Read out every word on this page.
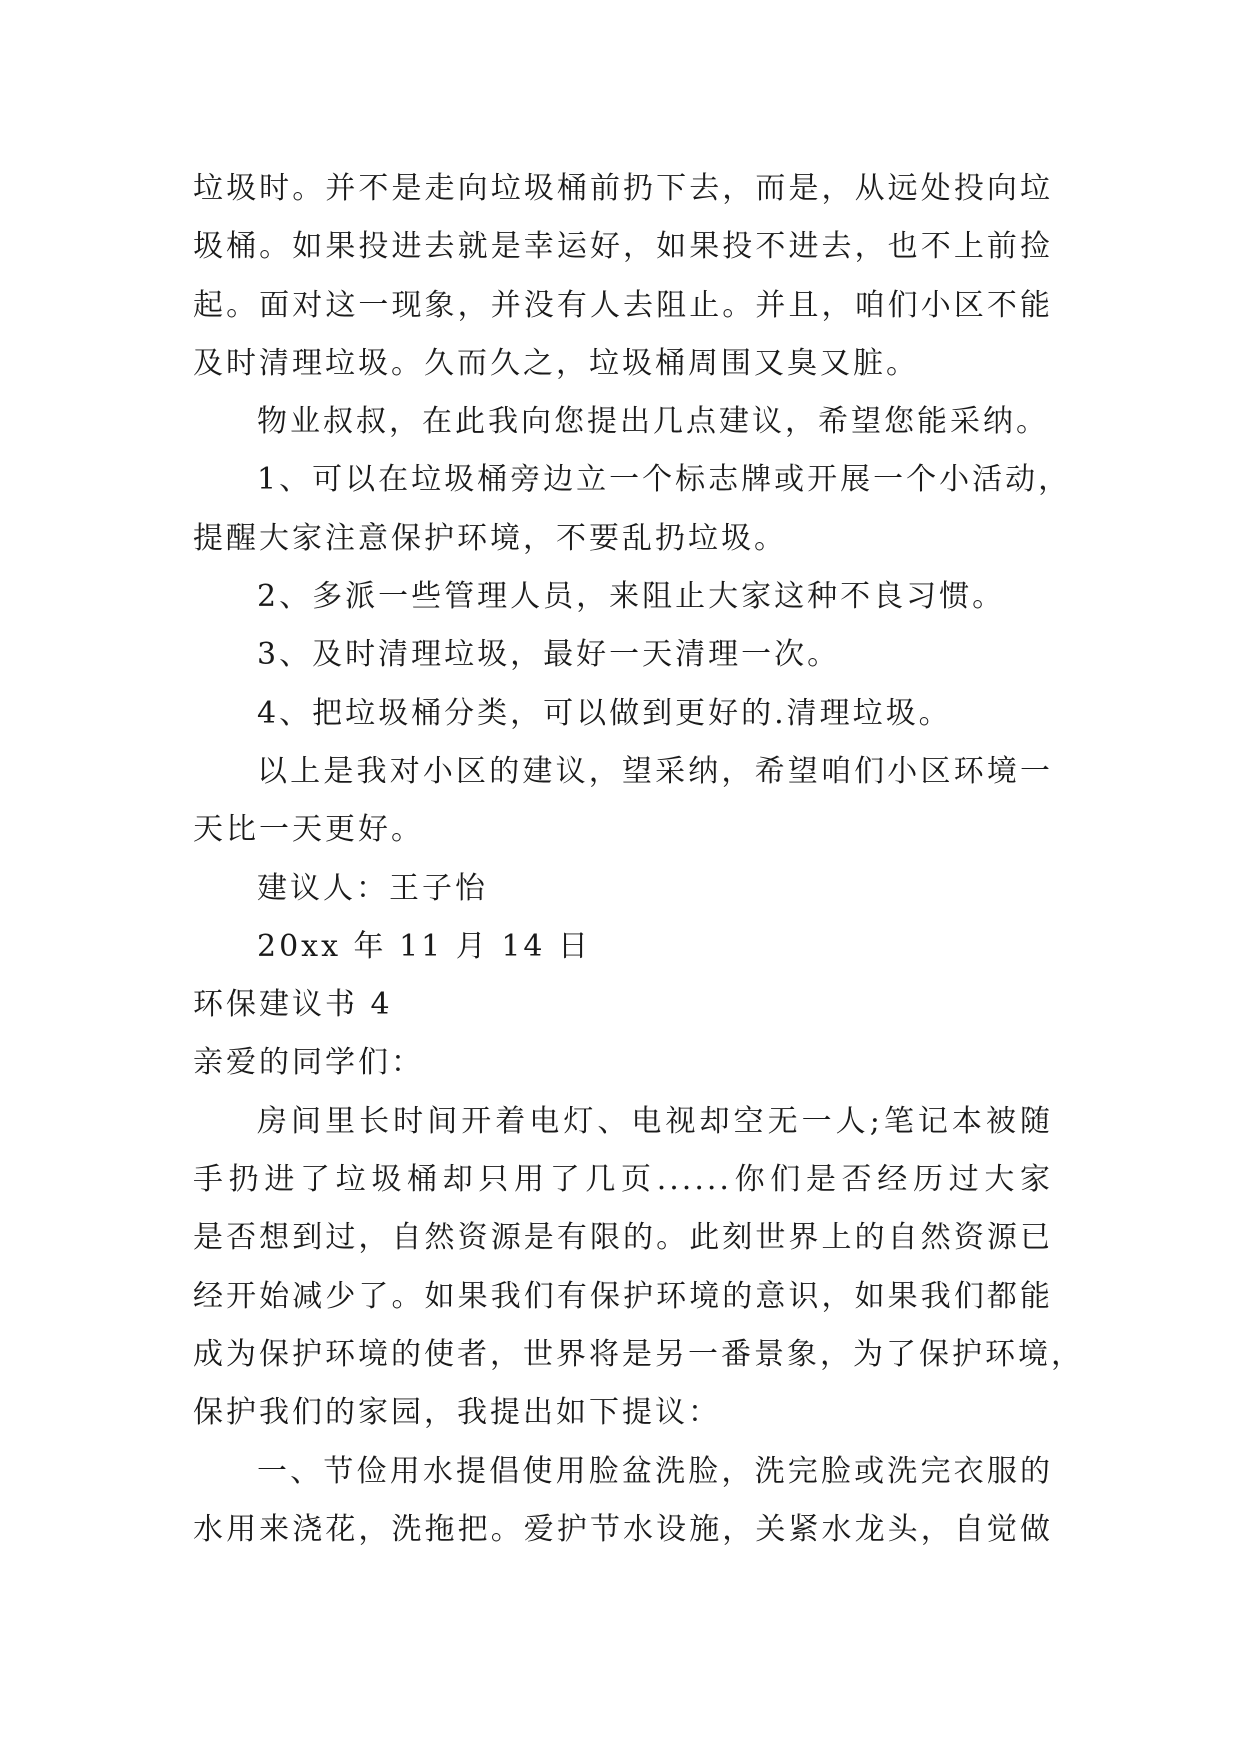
垃圾时。并不是走向垃圾桶前扔下去，而是，从远处投向垃
圾桶。如果投进去就是幸运好，如果投不进去，也不上前捡
起。面对这一现象，并没有人去阻止。并且，咱们小区不能
及时清理垃圾。久而久之，垃圾桶周围又臭又脏。
物业叔叔，在此我向您提出几点建议，希望您能采纳。
1、可以在垃圾桶旁边立一个标志牌或开展一个小活动，
提醒大家注意保护环境，不要乱扔垃圾。
2、多派一些管理人员，来阻止大家这种不良习惯。
3、及时清理垃圾，最好一天清理一次。
4、把垃圾桶分类，可以做到更好的.清理垃圾。
以上是我对小区的建议，望采纳，希望咱们小区环境一
天比一天更好。
建议人：王子怡
20xx 年 11 月 14 日
环保建议书 4
亲爱的同学们：
房间里长时间开着电灯、电视却空无一人;笔记本被随
手扔进了垃圾桶却只用了几页......你们是否经历过大家
是否想到过，自然资源是有限的。此刻世界上的自然资源已
经开始减少了。如果我们有保护环境的意识，如果我们都能
成为保护环境的使者，世界将是另一番景象，为了保护环境，
保护我们的家园，我提出如下提议：
一、节俭用水提倡使用脸盆洗脸，洗完脸或洗完衣服的
水用来浇花，洗拖把。爱护节水设施，关紧水龙头，自觉做
